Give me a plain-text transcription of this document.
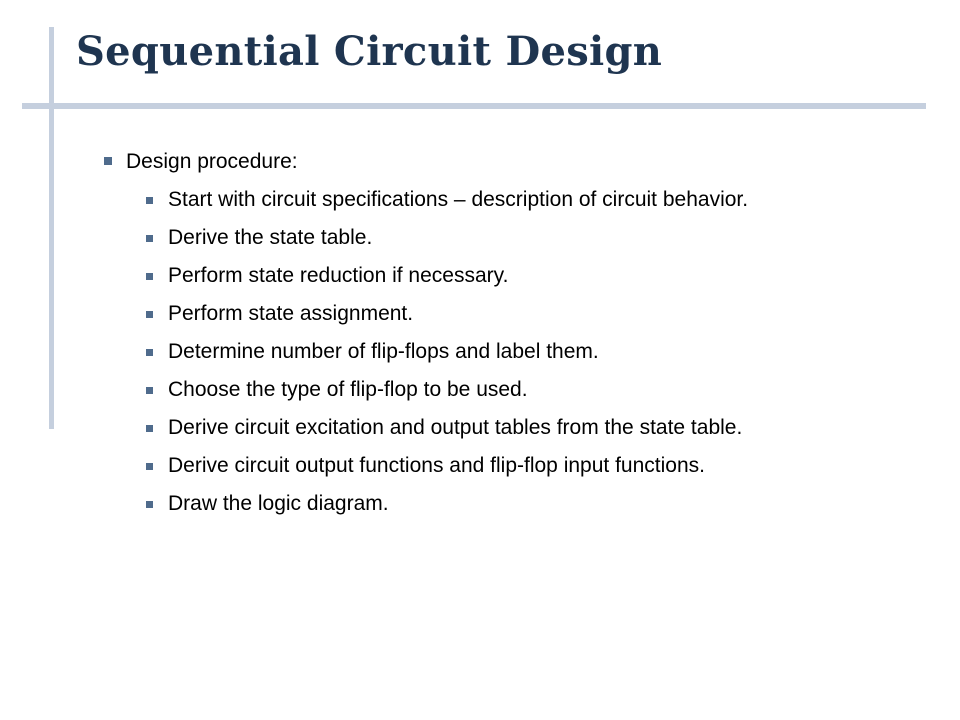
Sequential Circuit Design
Design procedure:
Start with circuit specifications – description of circuit behavior.
Derive the state table.
Perform state reduction if necessary.
Perform state assignment.
Determine number of flip-flops and label them.
Choose the type of flip-flop to be used.
Derive circuit excitation and output tables from the state table.
Derive circuit output functions and flip-flop input functions.
Draw the logic diagram.
